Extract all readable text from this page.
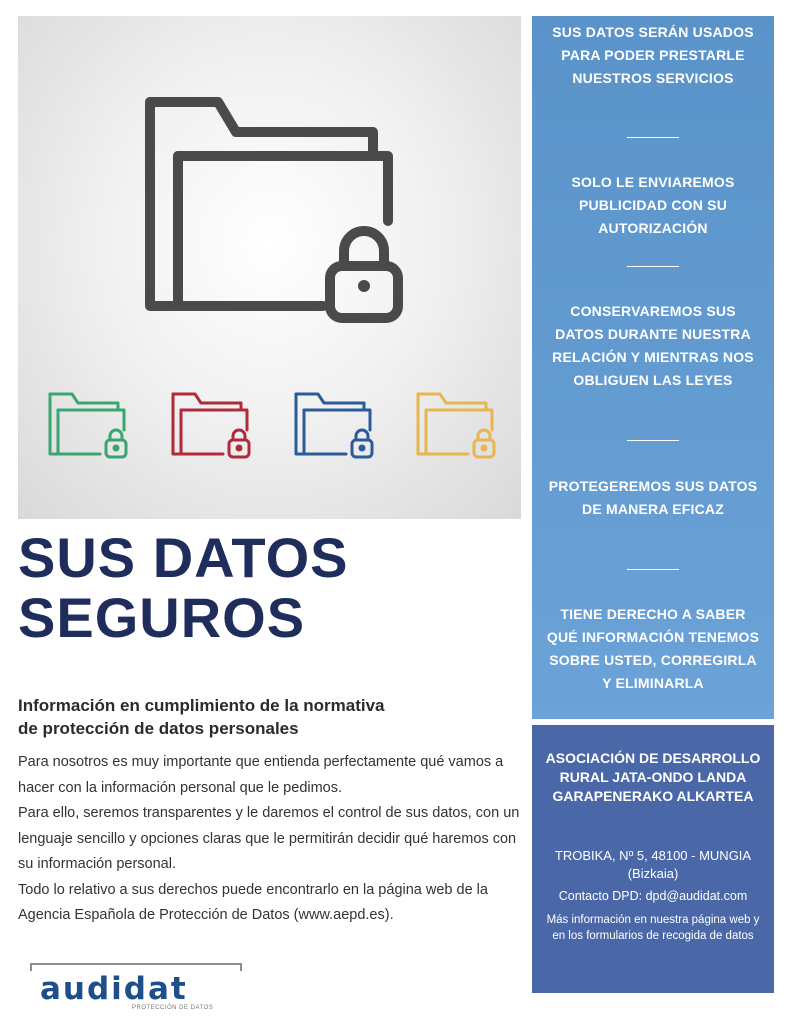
SUS DATOS
SEGUROS
Información en cumplimiento de la normativa
de protección de datos personales

Para nosotros es muy importante que entienda perfectamente qué vamos a hacer con la información personal que le pedimos.

Para ello, seremos transparentes y le daremos el control de sus datos, con un lenguaje sencillo y opciones claras que le permitirán decidir qué haremos con su información personal.

Todo lo relativo a sus derechos puede encontrarlo en la página web de la Agencia Española de Protección de Datos (www.aepd.es).

SUS DATOS SERÁN USADOS PARA PODER PRESTARLE NUESTROS SERVICIOS
SOLO LE ENVIAREMOS PUBLICIDAD CON SU AUTORIZACIÓN
CONSERVAREMOS SUS DATOS DURANTE NUESTRA RELACIÓN Y MIENTRAS NOS OBLIGUEN LAS LEYES
PROTEGEREMOS SUS DATOS DE MANERA EFICAZ
TIENE DERECHO A SABER QUÉ INFORMACIÓN TENEMOS SOBRE USTED, CORREGIRLA Y ELIMINARLA
ASOCIACIÓN DE DESARROLLO RURAL JATA-ONDO LANDA GARAPENERAKO ALKARTEA
TROBIKA, Nº 5, 48100 - MUNGIA (Bizkaia)
Contacto DPD: dpd@audidat.com
Más información en nuestra página web y en los formularios de recogida de datos
audidat
PROTECCIÓN DE DATOS
